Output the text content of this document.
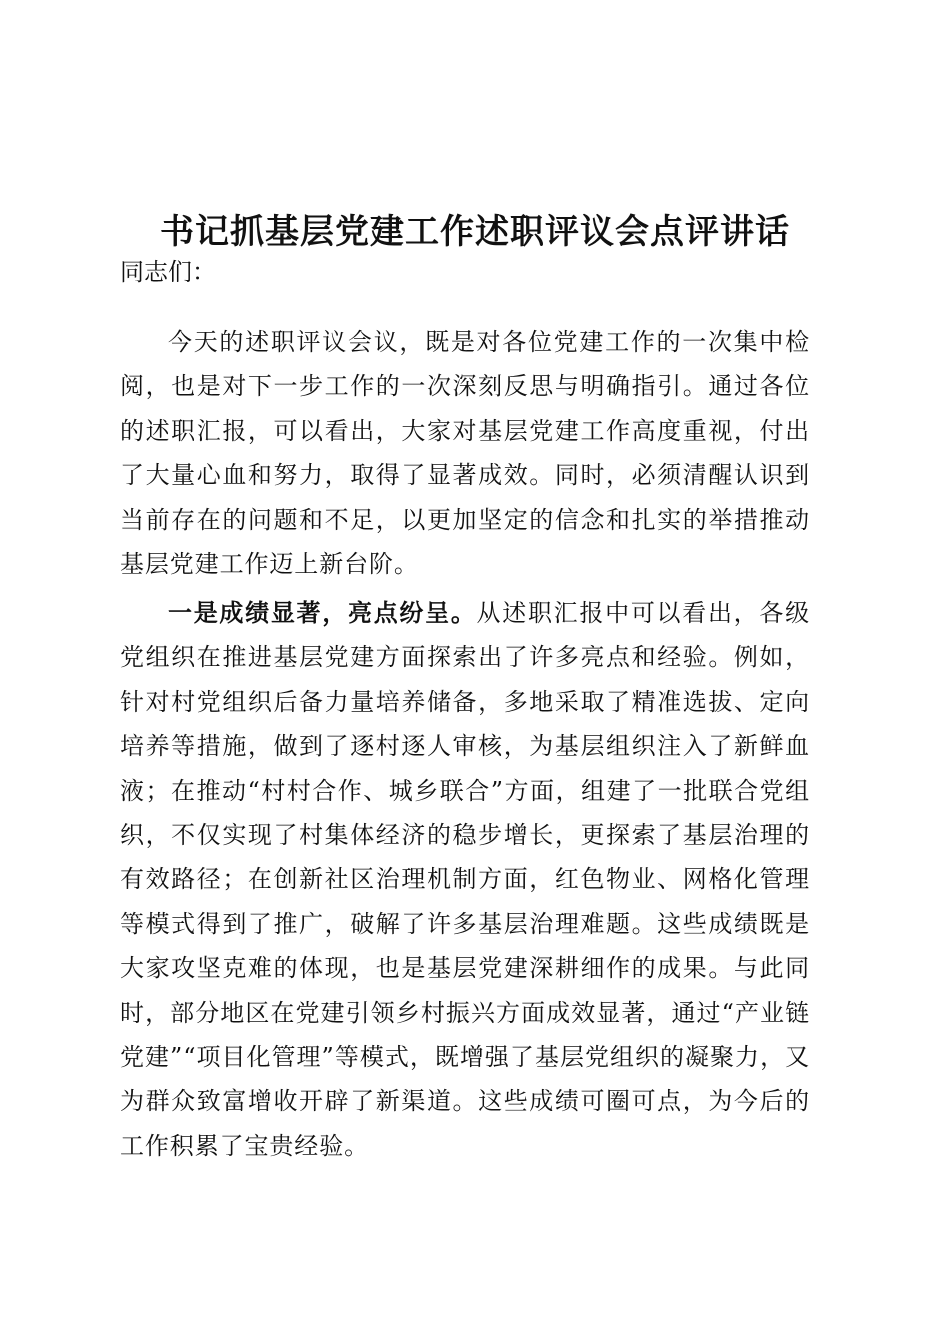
书记抓基层党建工作述职评议会点评讲话

同志们：

今天的述职评议会议，既是对各位党建工作的一次集中检阅，也是对下一步工作的一次深刻反思与明确指引。通过各位的述职汇报，可以看出，大家对基层党建工作高度重视，付出了大量心血和努力，取得了显著成效。同时，必须清醒认识到当前存在的问题和不足，以更加坚定的信念和扎实的举措推动基层党建工作迈上新台阶。

一是成绩显著，亮点纷呈。从述职汇报中可以看出，各级党组织在推进基层党建方面探索出了许多亮点和经验。例如，针对村党组织后备力量培养储备，多地采取了精准选拔、定向培养等措施，做到了逐村逐人审核，为基层组织注入了新鲜血液；在推动“村村合作、城乡联合”方面，组建了一批联合党组织，不仅实现了村集体经济的稳步增长，更探索了基层治理的有效路径；在创新社区治理机制方面，红色物业、网格化管理等模式得到了推广，破解了许多基层治理难题。这些成绩既是大家攻坚克难的体现，也是基层党建深耕细作的成果。与此同时，部分地区在党建引领乡村振兴方面成效显著，通过“产业链党建”“项目化管理”等模式，既增强了基层党组织的凝聚力，又为群众致富增收开辟了新渠道。这些成绩可圈可点，为今后的工作积累了宝贵经验。
